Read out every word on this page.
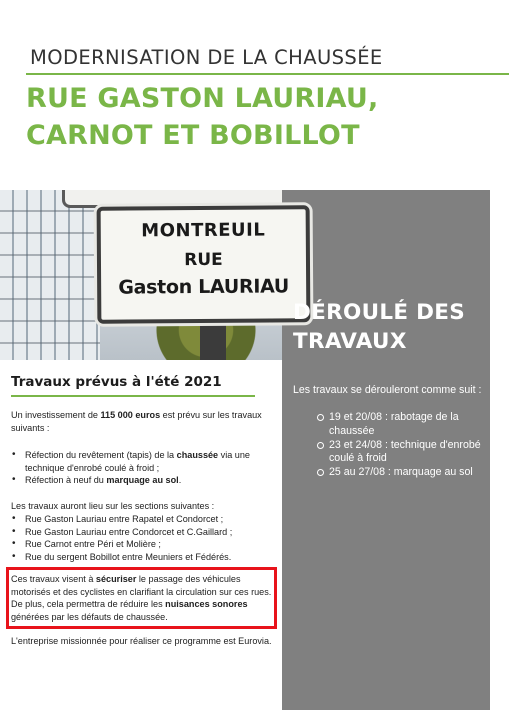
MODERNISATION DE LA CHAUSSÉE
RUE GASTON LAURIAU, CARNOT ET BOBILLOT
MONTREUIL
RUE
Gaston LAURIAU
DÉROULÉ DES TRAVAUX
Les travaux se dérouleront comme suit :
19 et 20/08 : rabotage de la chaussée
23 et 24/08 : technique d'enrobé coulé à froid
25 au 27/08 : marquage au sol
Travaux prévus à l'été 2021

Un investissement de 115 000 euros est prévu sur les travaux suivants :

• Réfection du revêtement (tapis) de la chaussée via une technique d'enrobé coulé à froid ;
• Réfection à neuf du marquage au sol.

Les travaux auront lieu sur les sections suivantes :

• Rue Gaston Lauriau entre Rapatel et Condorcet ;
• Rue Gaston Lauriau entre Condorcet et C.Gaillard ;
• Rue Carnot entre Péri et Molière ;
• Rue du sergent Bobillot entre Meuniers et Fédérés.

Ces travaux visent à sécuriser le passage des véhicules motorisés et des cyclistes en clarifiant la circulation sur ces rues. De plus, cela permettra de réduire les nuisances sonores générées par les défauts de chaussée.

L'entreprise missionnée pour réaliser ce programme est Eurovia.
